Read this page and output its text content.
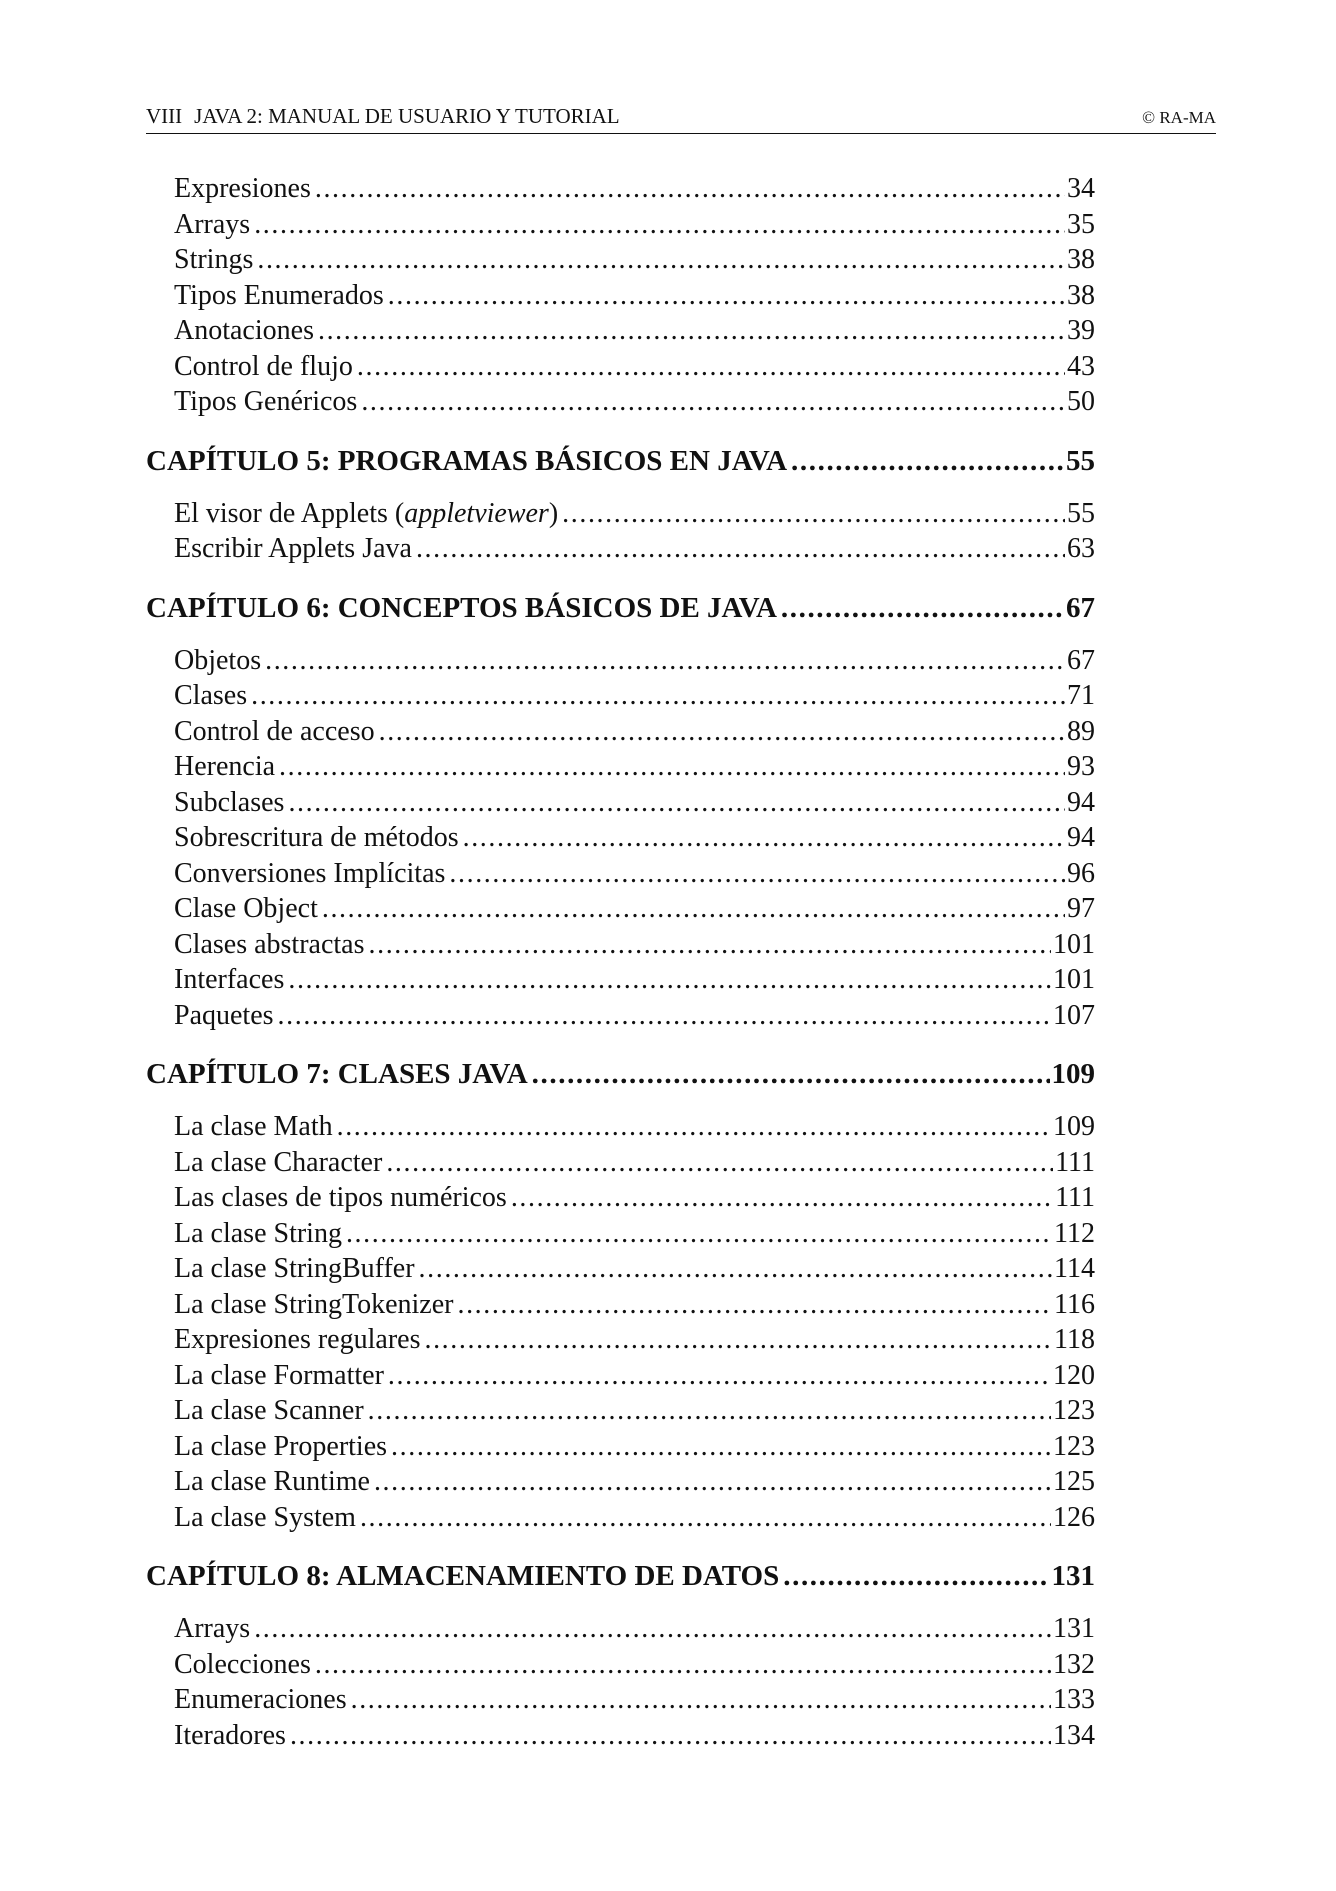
VIII JAVA 2: MANUAL DE USUARIO Y TUTORIAL	© RA-MA
Expresiones .....	34
Arrays .....	35
Strings .....	38
Tipos Enumerados .....	38
Anotaciones .....	39
Control de flujo .....	43
Tipos Genéricos .....	50
CAPÍTULO 5: PROGRAMAS BÁSICOS EN JAVA .....	55
El visor de Applets (appletviewer) .....	55
Escribir Applets Java .....	63
CAPÍTULO 6: CONCEPTOS BÁSICOS DE JAVA .....	67
Objetos .....	67
Clases .....	71
Control de acceso .....	89
Herencia .....	93
Subclases .....	94
Sobrescritura de métodos .....	94
Conversiones Implícitas .....	96
Clase Object .....	97
Clases abstractas .....	101
Interfaces .....	101
Paquetes .....	107
CAPÍTULO 7: CLASES JAVA .....	109
La clase Math .....	109
La clase Character .....	111
Las clases de tipos numéricos .....	111
La clase String .....	112
La clase StringBuffer .....	114
La clase StringTokenizer .....	116
Expresiones regulares .....	118
La clase Formatter .....	120
La clase Scanner .....	123
La clase Properties .....	123
La clase Runtime .....	125
La clase System .....	126
CAPÍTULO 8: ALMACENAMIENTO DE DATOS .....	131
Arrays .....	131
Colecciones .....	132
Enumeraciones .....	133
Iteradores .....	134
